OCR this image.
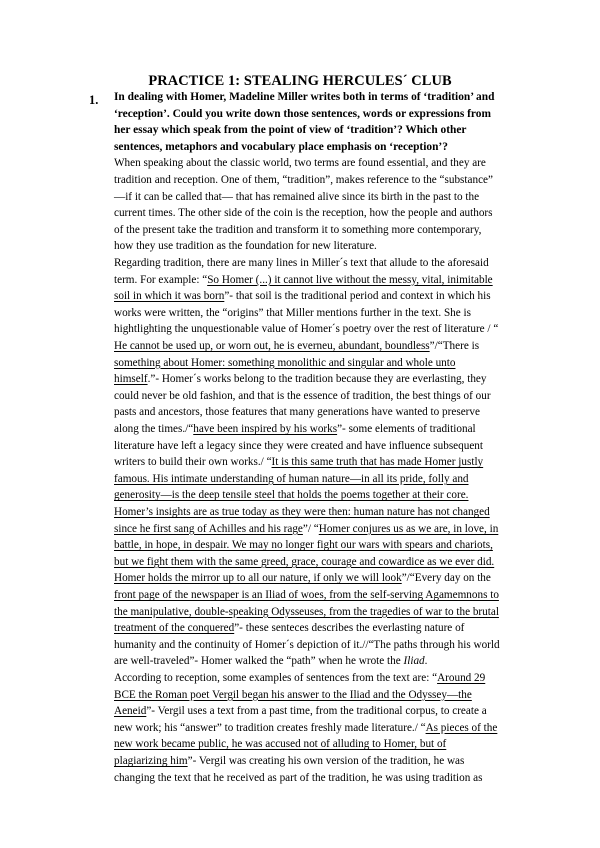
PRACTICE 1: STEALING HERCULES´ CLUB
1. In dealing with Homer, Madeline Miller writes both in terms of ‘tradition’ and
‘reception’. Could you write down those sentences, words or expressions from
her essay which speak from the point of view of ‘tradition’? Which other
sentences, metaphors and vocabulary place emphasis on ‘reception’?
When speaking about the classic world, two terms are found essential, and they are
tradition and reception. One of them, “tradition”, makes reference to the “substance”
—if it can be called that— that has remained alive since its birth in the past to the
current times. The other side of the coin is the reception, how the people and authors
of the present take the tradition and transform it to something more contemporary,
how they use tradition as the foundation for new literature.
Regarding tradition, there are many lines in Miller´s text that allude to the aforesaid
term. For example: “So Homer (...) it cannot live without the messy, vital, inimitable
soil in which it was born”- that soil is the traditional period and context in which his
works were written, the “origins” that Miller mentions further in the text. She is
hightlighting the unquestionable value of Homer´s poetry over the rest of literature / “
He cannot be used up, or worn out, he is everneu, abundant, boundless”/“There is
something about Homer: something monolithic and singular and whole unto
himself.”- Homer´s works belong to the tradition because they are everlasting, they
could never be old fashion, and that is the essence of tradition, the best things of our
pasts and ancestors, those features that many generations have wanted to preserve
along the times./“have been inspired by his works”- some elements of traditional
literature have left a legacy since they were created and have influence subsequent
writers to build their own works./ “It is this same truth that has made Homer justly
famous. His intimate understanding of human nature—in all its pride, folly and
generosity—is the deep tensile steel that holds the poems together at their core.
Homer’s insights are as true today as they were then: human nature has not changed
since he first sang of Achilles and his rage”/ “Homer conjures us as we are, in love, in
battle, in hope, in despair. We may no longer fight our wars with spears and chariots,
but we fight them with the same greed, grace, courage and cowardice as we ever did.
Homer holds the mirror up to all our nature, if only we will look”/“Every day on the
front page of the newspaper is an Iliad of woes, from the self-serving Agamemnons to
the manipulative, double-speaking Odysseuses, from the tragedies of war to the brutal
treatment of the conquered”- these senteces describes the everlasting nature of
humanity and the continuity of Homer´s depiction of it.//“The paths through his world
are well-traveled”- Homer walked the “path” when he wrote the Iliad.
According to reception, some examples of sentences from the text are: “Around 29
BCE the Roman poet Vergil began his answer to the Iliad and the Odyssey—the
Aeneid”- Vergil uses a text from a past time, from the traditional corpus, to create a
new work; his “answer” to tradition creates freshly made literature./ “As pieces of the
new work became public, he was accused not of alluding to Homer, but of
plagiarizing him”- Vergil was creating his own version of the tradition, he was
changing the text that he received as part of the tradition, he was using tradition as
